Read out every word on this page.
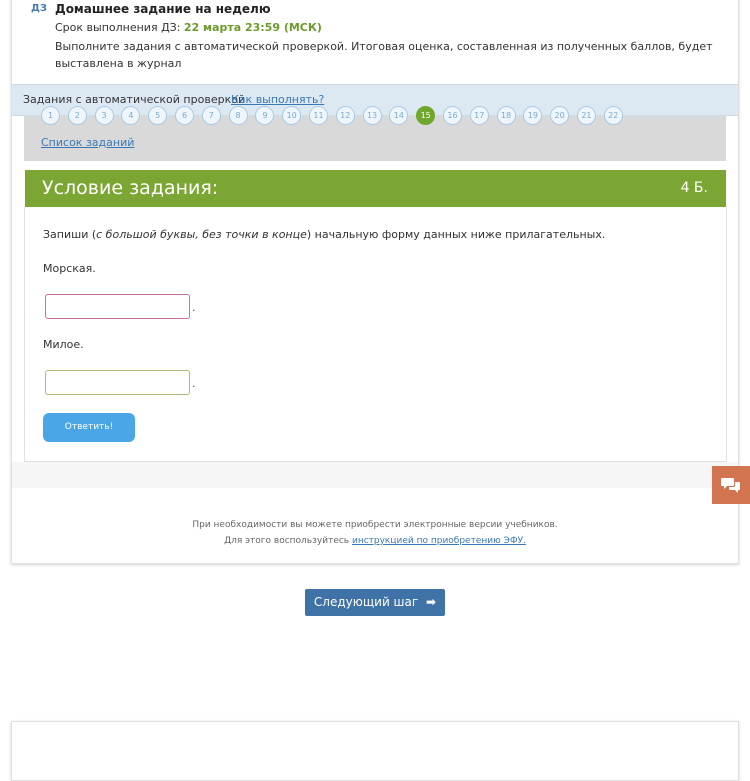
ДЗ Домашнее задание на неделю
Срок выполнения ДЗ: 22 марта 23:59 (МСК)
Выполните задания с автоматической проверкой. Итоговая оценка, составленная из полученных баллов, будет выставлена в журнал
Задания с автоматической проверкой
Как выполнять?
1	2	3	4	5	6	7	8	9	10	11	12	13	14	15	16	17	18	19	20	21	22
Список заданий
Условие задания:	4 Б.
Запиши (с большой буквы, без точки в конце) начальную форму данных ниже прилагательных.
Морская.
.
Милое.
.
Ответить!
При необходимости вы можете приобрести электронные версии учебников.
Для этого воспользуйтесь инструкцией по приобретению ЭФУ.
Следующий шаг ➡
